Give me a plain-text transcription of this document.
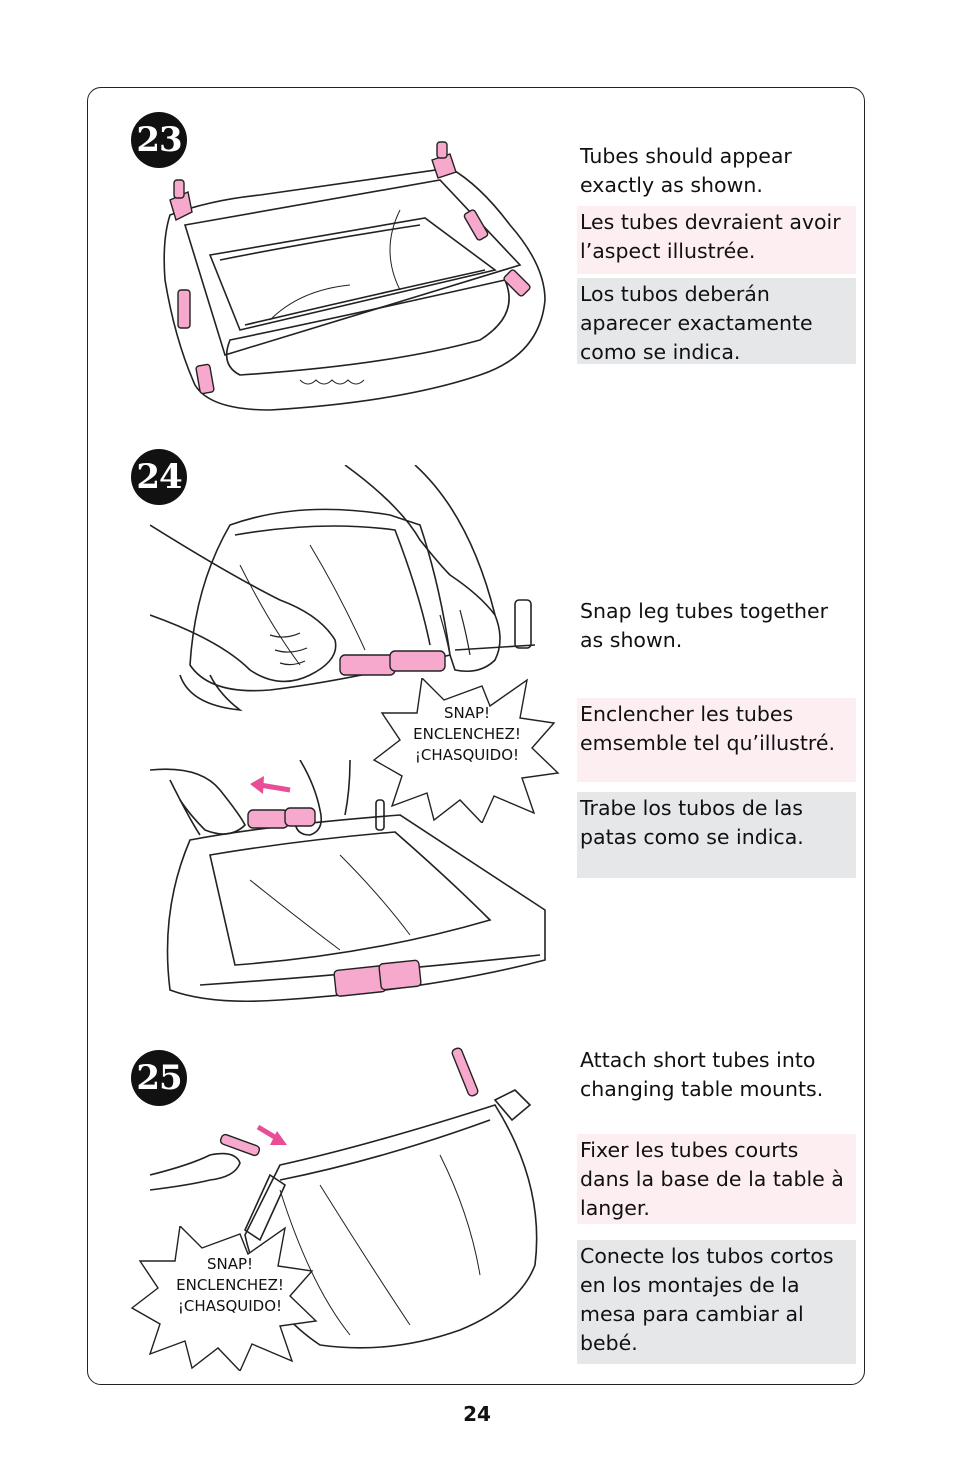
23	Tubes should appear exactly as shown.

Les tubes devraient avoir l’aspect illustrée.

Los tubos deberán aparecer exactamente como se indica.

24
SNAP!
ENCLENCHEZ!
¡CHASQUIDO!

Snap leg tubes together as shown.

Enclencher les tubes emsemble tel qu’illustré.

Trabe los tubos de las patas como se indica.

25
SNAP!
ENCLENCHEZ!
¡CHASQUIDO!

Attach short tubes into changing table mounts.

Fixer les tubes courts dans la base de la table à langer.

Conecte los tubos cortos en los montajes de la mesa para cambiar al bebé.

24
